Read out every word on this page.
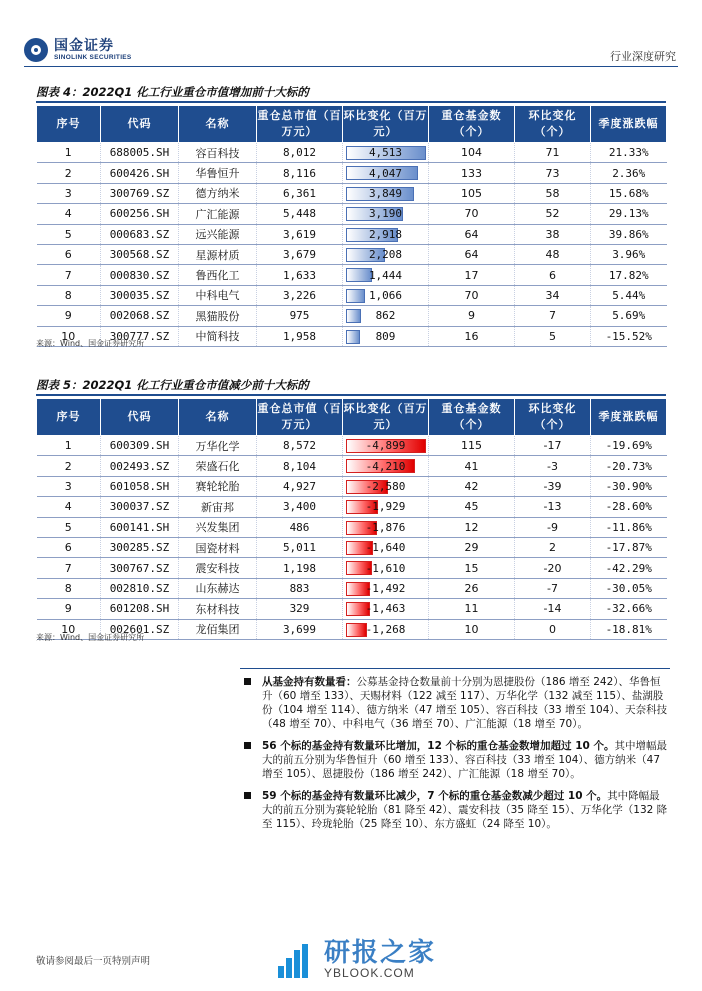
国金证券
SINOLINK SECURITIES	行业深度研究
图表 4：2022Q1 化工行业重仓市值增加前十大标的
序号	代码	名称	重仓总市值（百万元）	环比变化（百万元）	重仓基金数（个）	环比变化（个）	季度涨跌幅
1	688005.SH	容百科技	8,012	4,513	104	71	21.33%
2	600426.SH	华鲁恒升	8,116	4,047	133	73	2.36%
3	300769.SZ	德方纳米	6,361	3,849	105	58	15.68%
4	600256.SH	广汇能源	5,448	3,190	70	52	29.13%
5	000683.SZ	远兴能源	3,619	2,918	64	38	39.86%
6	300568.SZ	星源材质	3,679	2,208	64	48	3.96%
7	000830.SZ	鲁西化工	1,633	1,444	17	6	17.82%
8	300035.SZ	中科电气	3,226	1,066	70	34	5.44%
9	002068.SZ	黑猫股份	975	862	9	7	5.69%
10	300777.SZ	中简科技	1,958	809	16	5	-15.52%
来源：Wind、国金证券研究所
图表 5：2022Q1 化工行业重仓市值减少前十大标的
序号	代码	名称	重仓总市值（百万元）	环比变化（百万元）	重仓基金数（个）	环比变化（个）	季度涨跌幅
1	600309.SH	万华化学	8,572	-4,899	115	-17	-19.69%
2	002493.SZ	荣盛石化	8,104	-4,210	41	-3	-20.73%
3	601058.SH	赛轮轮胎	4,927	-2,580	42	-39	-30.90%
4	300037.SZ	新宙邦	3,400	-1,929	45	-13	-28.60%
5	600141.SH	兴发集团	486	-1,876	12	-9	-11.86%
6	300285.SZ	国瓷材料	5,011	-1,640	29	2	-17.87%
7	300767.SZ	震安科技	1,198	-1,610	15	-20	-42.29%
8	002810.SZ	山东赫达	883	-1,492	26	-7	-30.05%
9	601208.SH	东材科技	329	-1,463	11	-14	-32.66%
10	002601.SZ	龙佰集团	3,699	-1,268	10	0	-18.81%
来源：Wind、国金证券研究所
从基金持有数量看：公募基金持仓数量前十分别为恩捷股份（186 增至 242）、华鲁恒升（60 增至 133）、天赐材料（122 减至 117）、万华化学（132 减至 115）、盐湖股份（104 增至 114）、德方纳米（47 增至 105）、容百科技（33 增至 104）、天奈科技（48 增至 70）、中科电气（36 增至 70）、广汇能源（18 增至 70）。
56 个标的基金持有数量环比增加，12 个标的重仓基金数增加超过 10 个。其中增幅最大的前五分别为华鲁恒升（60 增至 133）、容百科技（33 增至 104）、德方纳米（47 增至 105）、恩捷股份（186 增至 242）、广汇能源（18 增至 70）。
59 个标的基金持有数量环比减少，7 个标的重仓基金数减少超过 10 个。其中降幅最大的前五分别为赛轮轮胎（81 降至 42）、震安科技（35 降至 15）、万华化学（132 降至 115）、玲珑轮胎（25 降至 10）、东方盛虹（24 降至 10）。
敬请参阅最后一页特别声明	研报之家
YBLOOK.COM
